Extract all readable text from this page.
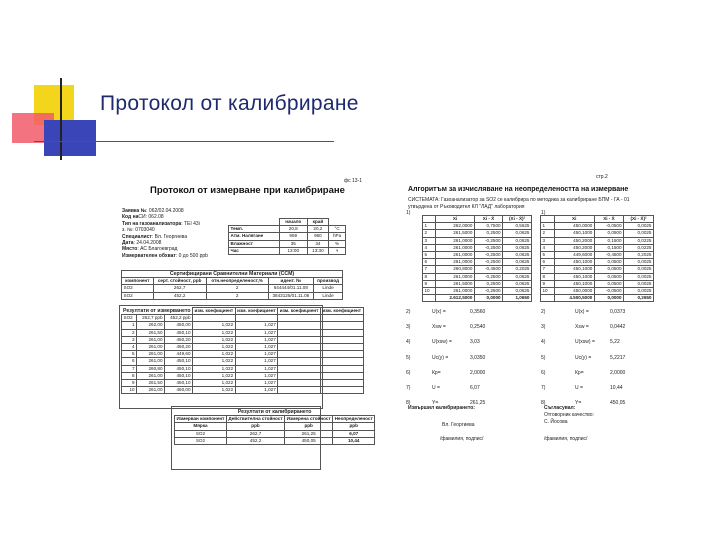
Протокол от калибриране
фс 13-1
Протокол от измерване при калибриране
Заявка №: 062/02.04.2008
Код наСИ: 062.08
Тип на газоанализатора: TEI 43i
з. №: 0703040
Специалист: Вл. Георгиева
Дата: 24.04.2008
Място: АС Благоевград
Измервателен обхват: 0 до 500 ppb
	начало	край	
Темп.	20,8	20,2	°C
Атм. Налягане	959	960	hPa
Влажност	35	34	%
Час	13:00	13:30	ч
Сертифицирани Сравнителни Материали (ССМ)				
компонент	серт. стойност, ppb	отн.неопределеност,%	идент. №	производ
SO2	262,7	2	644444/01.11.08	Linde
SO2	452,2	2	3843125/01.11.08	Linde
Резултати от измерването			изм. коефициент	изм. коефициент	изм. коефициент	изм. коефициент
SO2	262,7 ppb	452,2 ppb				
1	262,00	450,00	1,022	1,027		
2	261,50	450,10	1,022	1,027		
3	261,00	450,20	1,022	1,027		
4	261,00	450,20	1,022	1,027		
5	261,00	449,60	1,022	1,027		
6	261,00	450,10	1,022	1,027		
7	260,80	450,10	1,022	1,027		
8	261,00	450,10	1,022	1,027		
9	261,50	450,10	1,022	1,027		
10	261,00	450,00	1,022	1,027		
Резултати от калибрирането			
Измерван компонент	Действителна стойност	Измерена стойност	Неопределеност
Мярка	ppb	ppb	ppb
SO2	262,7	261,25	6,07
SO2	452,2	450,05	10,44
стр.2
Алгоритъм за изчисляване на неопределеността на измерване
СИСТЕМАТА: Газоанализатор за SO2 се калибрира по методика за калибриране БПМ - ГА - 01
утвърдена от Ръководител КЛ "ЛАД" лаборатория
1)	1)
	Xi	Xi - X̄	(Xi - X̄)²
1	262,0000	0,7500	0,5625
2	261,5000	0,2500	0,0625
3	261,0000	-0,2500	0,0625
4	261,0000	-0,2500	0,0625
5	261,0000	-0,2500	0,0625
6	261,0000	-0,2500	0,0625
7	260,8000	-0,4500	0,2025
8	261,0000	-0,2500	0,0625
9	261,5000	0,2500	0,0625
10	261,0000	-0,2500	0,0625
	2.612,5000	0,0000	1,0650
	Xi	Xi - X̄	(Xi - X̄)²
1	450,0000	-0,0500	0,0025
2	450,1000	0,0500	0,0025
3	450,2000	0,1500	0,0225
4	450,2000	0,1500	0,0225
5	449,6000	-0,4500	0,2025
6	450,1000	0,0500	0,0025
7	450,1000	0,0500	0,0025
8	450,1000	0,0500	0,0025
9	450,1000	0,0500	0,0025
10	450,0000	-0,0500	0,0025
	4.500,5000	0,0000	0,2650
2)	U(x) =	0,3560
3)	Xsw =	0,2540
4)	U(xsw) =	3,03
5)	Uc(y) =	3,0350
6)	Кр=	2,0000
7)	U =	6,07
8)	Y=	261,25
2)	U(x) =	0,0373
3)	Xsw =	0,0442
4)	U(xsw) =	5,22
5)	Uc(y) =	5,2217
6)	Кр=	2,0000
7)	U =	10,44
8)	Y=	450,05
Извършил калибрирането:
Вл. Георгиева
/фамилия, подпис/
Съгласувал:
Отговорник качество:
С. Йосова
/фамилия, подпис/
